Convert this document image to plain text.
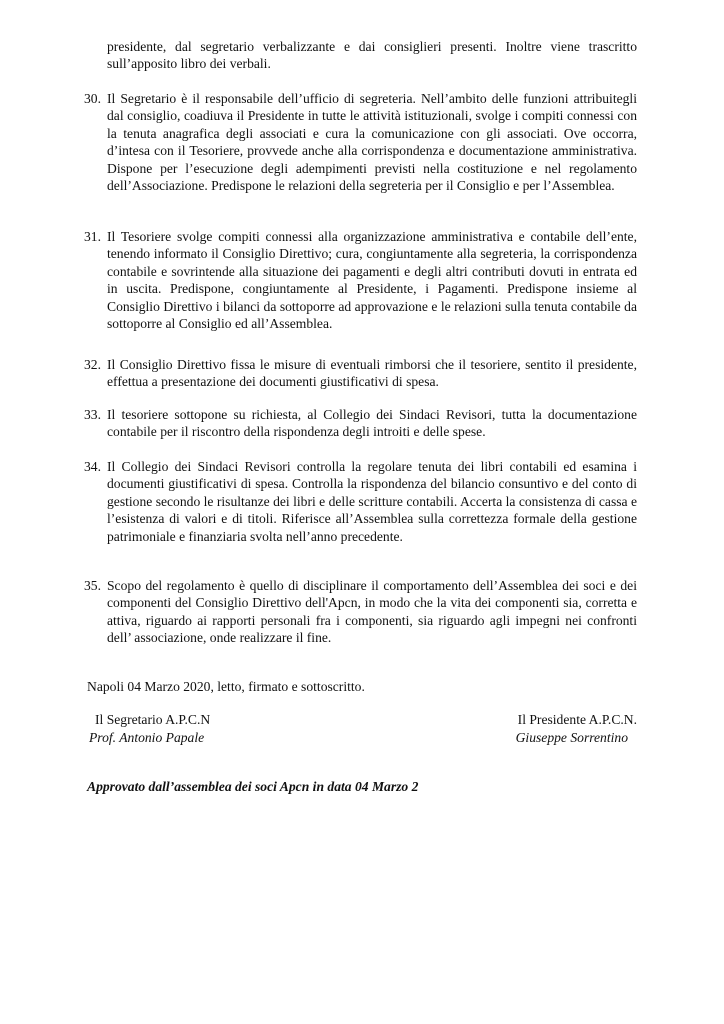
presidente, dal segretario verbalizzante e dai consiglieri presenti. Inoltre viene trascritto sull’apposito libro dei verbali.
30. Il Segretario è il responsabile dell’ufficio di segreteria. Nell’ambito delle funzioni attribuitegli dal consiglio, coadiuva il Presidente in tutte le attività istituzionali, svolge i compiti connessi con la tenuta anagrafica degli associati e cura la comunicazione con gli associati. Ove occorra, d’intesa con il Tesoriere, provvede anche alla corrispondenza e documentazione amministrativa. Dispone per l’esecuzione degli adempimenti previsti nella costituzione e nel regolamento dell’Associazione. Predispone le relazioni della segreteria per il Consiglio e per l’Assemblea.
31. Il Tesoriere svolge compiti connessi alla organizzazione amministrativa e contabile dell’ente, tenendo informato il Consiglio Direttivo; cura, congiuntamente alla segreteria, la corrispondenza contabile e sovrintende alla situazione dei pagamenti e degli altri contributi dovuti in entrata ed in uscita. Predispone, congiuntamente al Presidente, i Pagamenti. Predispone insieme al Consiglio Direttivo i bilanci da sottoporre ad approvazione e le relazioni sulla tenuta contabile da sottoporre al Consiglio ed all’Assemblea.
32. Il Consiglio Direttivo fissa le misure di eventuali rimborsi che il tesoriere, sentito il presidente, effettua a presentazione dei documenti giustificativi di spesa.
33. Il tesoriere sottopone su richiesta, al Collegio dei Sindaci Revisori, tutta la documentazione contabile per il riscontro della rispondenza degli introiti e delle spese.
34. Il Collegio dei Sindaci Revisori controlla la regolare tenuta dei libri contabili ed esamina i documenti giustificativi di spesa. Controlla la rispondenza del bilancio consuntivo e del conto di gestione secondo le risultanze dei libri e delle scritture contabili. Accerta la consistenza di cassa e l’esistenza di valori e di titoli. Riferisce all’Assemblea sulla correttezza formale della gestione patrimoniale e finanziaria svolta nell’anno precedente.
35. Scopo del regolamento è quello di disciplinare il comportamento dell’Assemblea dei soci e dei componenti del Consiglio Direttivo dell'Apcn, in modo che la vita dei componenti sia, corretta e attiva, riguardo ai rapporti personali fra i componenti, sia riguardo agli impegni nei confronti dell’ associazione, onde realizzare il fine.
Napoli 04 Marzo 2020, letto, firmato e sottoscritto.
Il Segretario A.P.C.N
Prof. Antonio Papale
Il Presidente A.P.C.N.
Giuseppe Sorrentino
Approvato dall’assemblea dei soci Apcn in data 04 Marzo 2
